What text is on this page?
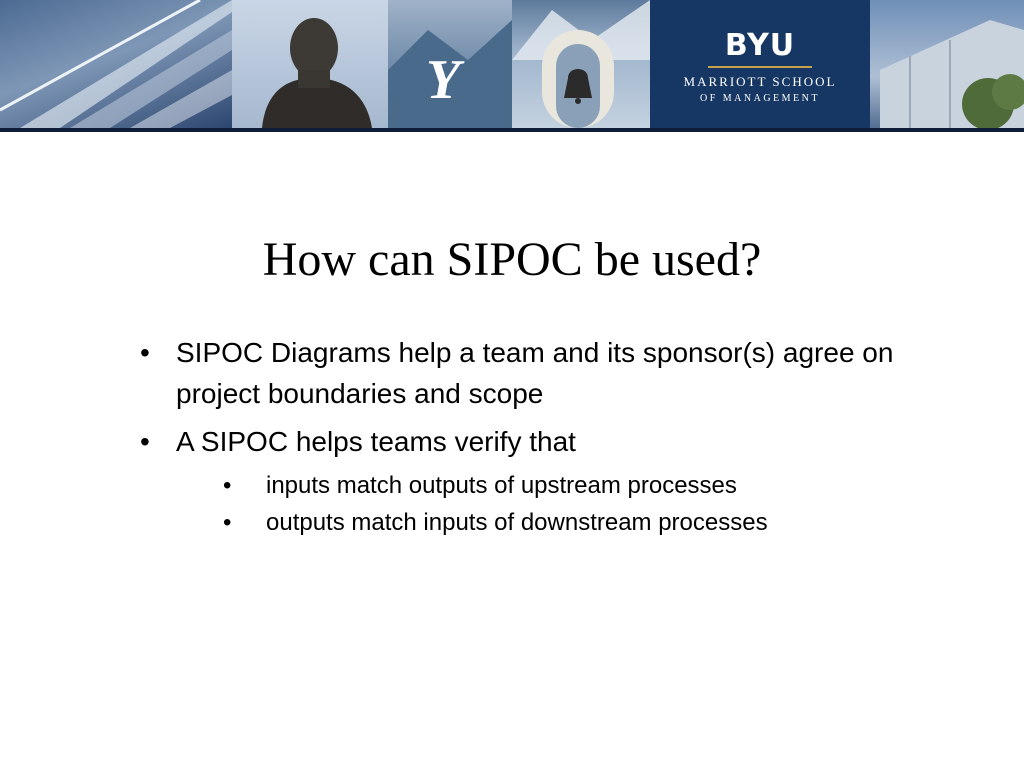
Y
BYU
MARRIOTT SCHOOL
OF MANAGEMENT
How can SIPOC be used?
• SIPOC Diagrams help a team and its sponsor(s) agree on project boundaries and scope
• A SIPOC helps teams verify that
•	inputs match outputs of upstream processes
•	outputs match inputs of downstream processes
